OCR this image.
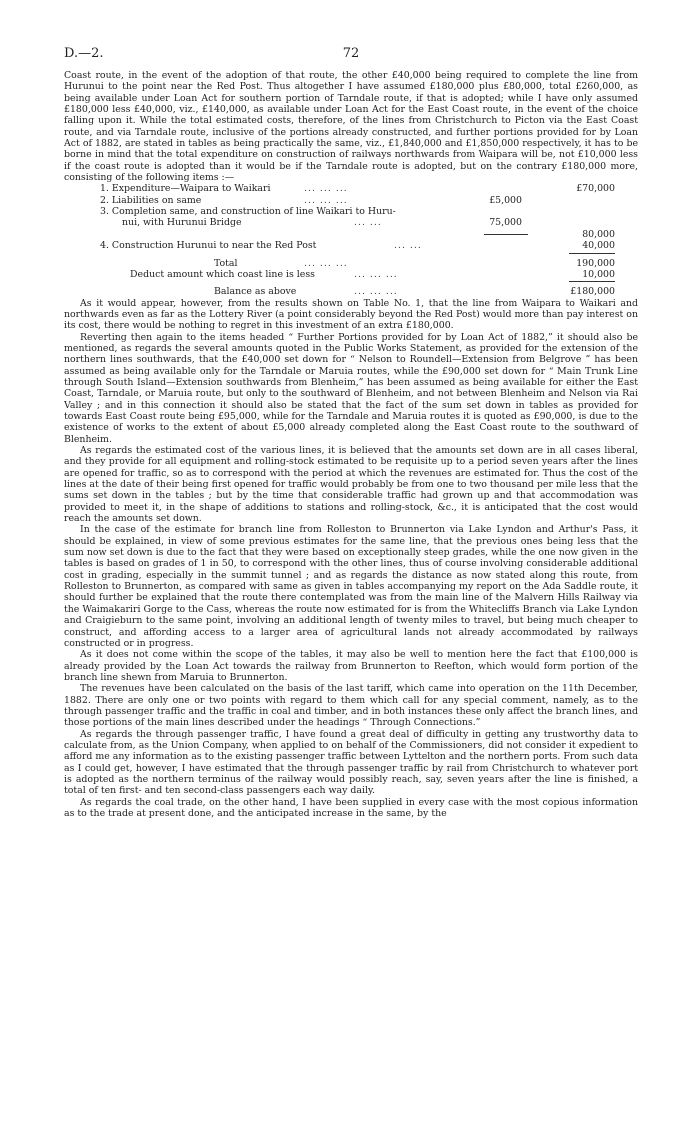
D.—2.	72

Coast route, in the event of the adoption of that route, the other £40,000 being required to complete the line from Hurunui to the point near the Red Post. Thus altogether I have assumed £180,000 plus £80,000, total £260,000, as being available under Loan Act for southern portion of Tarndale route, if that is adopted; while I have only assumed £180,000 less £40,000, viz., £140,000, as available under Loan Act for the East Coast route, in the event of the choice falling upon it. While the total estimated costs, therefore, of the lines from Christchurch to Picton via the East Coast route, and via Tarndale route, inclusive of the portions already constructed, and further portions provided for by Loan Act of 1882, are stated in tables as being practically the same, viz., £1,840,000 and £1,850,000 respectively, it has to be borne in mind that the total expenditure on construction of railways northwards from Waipara will be, not £10,000 less if the coast route is adopted than it would be if the Tarndale route is adopted, but on the contrary £180,000 more, consisting of the following items :—

1. Expenditure—Waipara to Waikari	... ... ...	£70,000
2. Liabilities on same	... ... ...	£5,000
3. Completion same, and construction of line Waikari to Huru-
nui, with Hurunui Bridge	... ...	75,000
80,000
4. Construction Hurunui to near the Red Post	... ...	40,000
Total	... ... ...	190,000
Deduct amount which coast line is less	... ... ...	10,000
Balance as above	... ... ...	£180,000

As it would appear, however, from the results shown on Table No. 1, that the line from Waipara to Waikari and northwards even as far as the Lottery River (a point considerably beyond the Red Post) would more than pay interest on its cost, there would be nothing to regret in this investment of an extra £180,000.

Reverting then again to the items headed “ Further Portions provided for by Loan Act of 1882,” it should also be mentioned, as regards the several amounts quoted in the Public Works Statement, as provided for the extension of the northern lines southwards, that the £40,000 set down for “ Nelson to Roundell—Extension from Belgrove ” has been assumed as being available only for the Tarndale or Maruia routes, while the £90,000 set down for “ Main Trunk Line through South Island—Extension southwards from Blenheim,” has been assumed as being available for either the East Coast, Tarndale, or Maruia route, but only to the southward of Blenheim, and not between Blenheim and Nelson via Rai Valley ; and in this connection it should also be stated that the fact of the sum set down in tables as provided for towards East Coast route being £95,000, while for the Tarndale and Maruia routes it is quoted as £90,000, is due to the existence of works to the extent of about £5,000 already completed along the East Coast route to the southward of Blenheim.

As regards the estimated cost of the various lines, it is believed that the amounts set down are in all cases liberal, and they provide for all equipment and rolling-stock estimated to be requisite up to a period seven years after the lines are opened for traffic, so as to correspond with the period at which the revenues are estimated for. Thus the cost of the lines at the date of their being first opened for traffic would probably be from one to two thousand per mile less that the sums set down in the tables ; but by the time that considerable traffic had grown up and that accommodation was provided to meet it, in the shape of additions to stations and rolling-stock, &c., it is anticipated that the cost would reach the amounts set down.

In the case of the estimate for branch line from Rolleston to Brunnerton via Lake Lyndon and Arthur's Pass, it should be explained, in view of some previous estimates for the same line, that the previous ones being less that the sum now set down is due to the fact that they were based on exceptionally steep grades, while the one now given in the tables is based on grades of 1 in 50, to correspond with the other lines, thus of course involving considerable additional cost in grading, especially in the summit tunnel ; and as regards the distance as now stated along this route, from Rolleston to Brunnerton, as compared with same as given in tables accompanying my report on the Ada Saddle route, it should further be explained that the route there contemplated was from the main line of the Malvern Hills Railway via the Waimakariri Gorge to the Cass, whereas the route now estimated for is from the Whitecliffs Branch via Lake Lyndon and Craigieburn to the same point, involving an additional length of twenty miles to travel, but being much cheaper to construct, and affording access to a larger area of agricultural lands not already accommodated by railways constructed or in progress.

As it does not come within the scope of the tables, it may also be well to mention here the fact that £100,000 is already provided by the Loan Act towards the railway from Brunnerton to Reefton, which would form portion of the branch line shewn from Maruia to Brunnerton.

The revenues have been calculated on the basis of the last tariff, which came into operation on the 11th December, 1882. There are only one or two points with regard to them which call for any special comment, namely, as to the through passenger traffic and the traffic in coal and timber, and in both instances these only affect the branch lines, and those portions of the main lines described under the headings “ Through Connections.”

As regards the through passenger traffic, I have found a great deal of difficulty in getting any trustworthy data to calculate from, as the Union Company, when applied to on behalf of the Commissioners, did not consider it expedient to afford me any information as to the existing passenger traffic between Lyttelton and the northern ports. From such data as I could get, however, I have estimated that the through passenger traffic by rail from Christchurch to whatever port is adopted as the northern terminus of the railway would possibly reach, say, seven years after the line is finished, a total of ten first- and ten second-class passengers each way daily.

As regards the coal trade, on the other hand, I have been supplied in every case with the most copious information as to the trade at present done, and the anticipated increase in the same, by the
